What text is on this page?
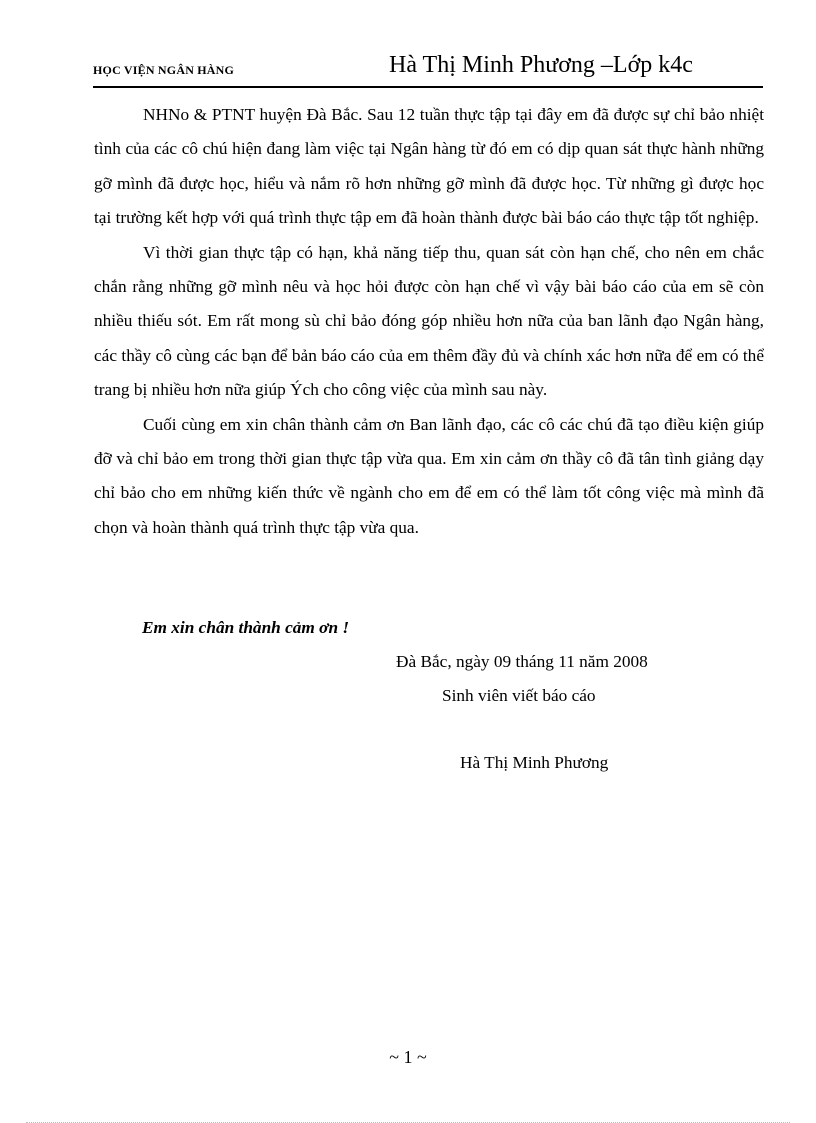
HỌC VIỆN NGÂN HÀNG	Hà Thị Minh Phương –Lớp k4c

NHNo & PTNT huyện Đà Bắc. Sau 12 tuần thực tập tại đây em đã được sự chỉ bảo nhiệt tình của các cô chú hiện đang làm việc tại Ngân hàng từ đó em có dịp quan sát thực hành những gỡ mình đã được học, hiểu và nắm rõ hơn những gỡ mình đã được học. Từ những gì được học tại trường kết hợp với quá trình thực tập em đã hoàn thành được bài báo cáo thực tập tốt nghiệp.

Vì thời gian thực tập có hạn, khả năng tiếp thu, quan sát còn hạn chế, cho nên em chắc chắn rằng những gỡ mình nêu và học hỏi được còn hạn chế vì vậy bài báo cáo của em sẽ còn nhiều thiếu sót. Em rất mong sù chỉ bảo đóng góp nhiều hơn nữa của ban lãnh đạo Ngân hàng, các thầy cô cùng các bạn để bản báo cáo của em thêm đầy đủ và chính xác hơn nữa để em có thể trang bị nhiều hơn nữa giúp Ých cho công việc của mình sau này.

Cuối cùng em xin chân thành cảm ơn Ban lãnh đạo, các cô các chú đã tạo điều kiện giúp đỡ và chỉ bảo em trong thời gian thực tập vừa qua. Em xin cảm ơn thầy cô đã tân tình giảng dạy chỉ bảo cho em những kiến thức về ngành cho em để em có thể làm tốt công việc mà mình đã chọn và hoàn thành quá trình thực tập vừa qua.

Em xin chân thành cảm ơn !
Đà Bắc, ngày 09 tháng 11 năm 2008
Sinh viên viết báo cáo
Hà Thị Minh Phương
~ 1 ~
